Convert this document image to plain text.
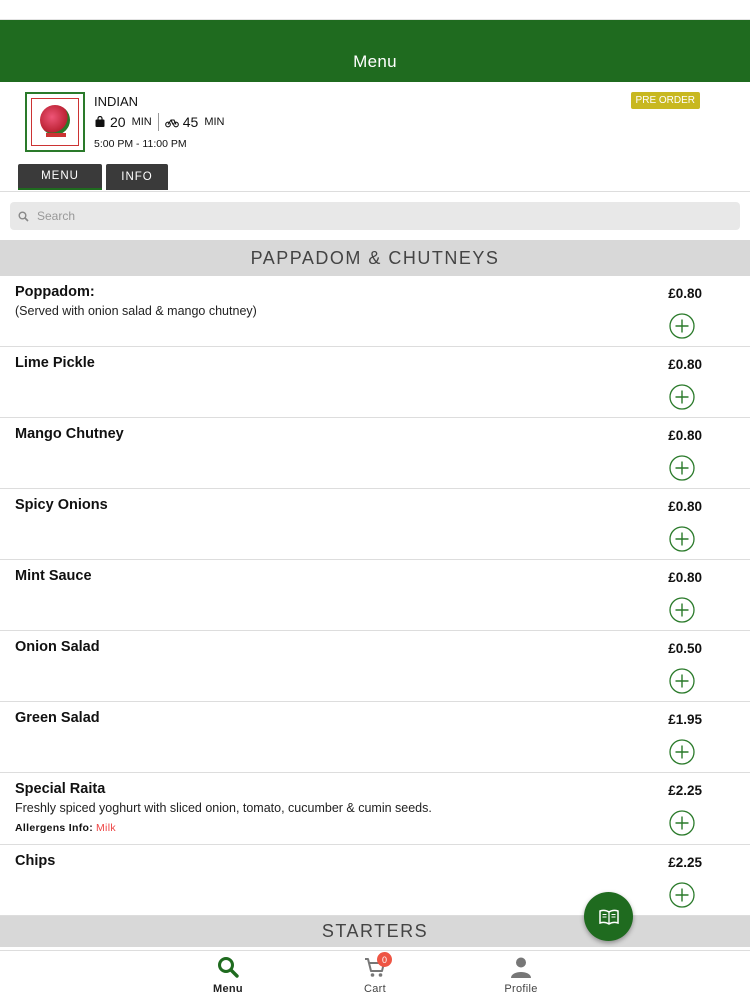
Menu
INDIAN
20 MIN 45 MIN
5:00 PM - 11:00 PM
PRE ORDER
MENU	INFO
Search
PAPPADOM & CHUTNEYS
Poppadom:
(Served with onion salad & mango chutney)
£0.80
Lime Pickle	£0.80
Mango Chutney	£0.80
Spicy Onions	£0.80
Mint Sauce	£0.80
Onion Salad	£0.50
Green Salad	£1.95
Special Raita
Freshly spiced yoghurt with sliced onion, tomato, cucumber & cumin seeds.
Allergens Info: Milk
£2.25
Chips	£2.25
STARTERS
Menu
0
Cart	Profile
